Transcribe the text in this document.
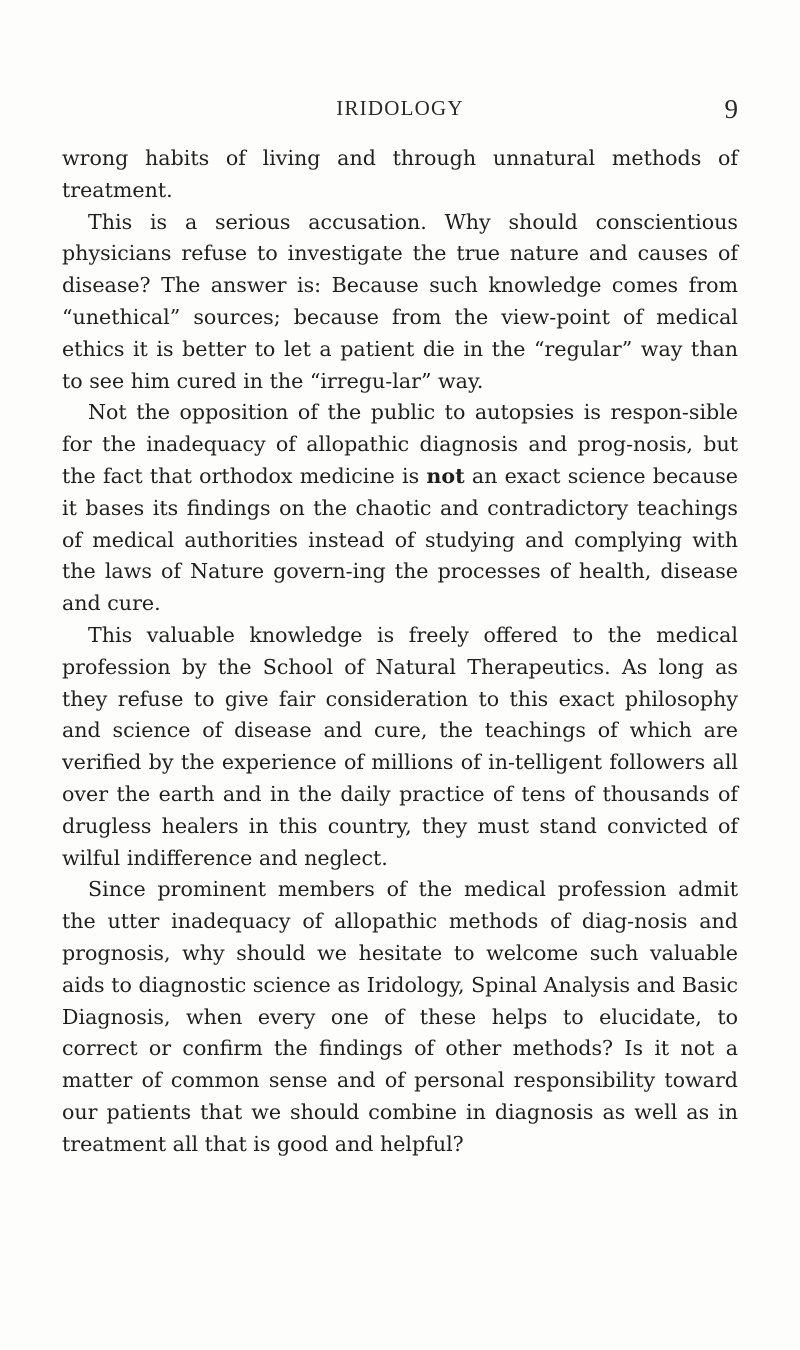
IRIDOLOGY	9

wrong habits of living and through unnatural methods of treatment.

This is a serious accusation. Why should conscientious physicians refuse to investigate the true nature and causes of disease? The answer is: Because such knowledge comes from “unethical” sources; because from the view-point of medical ethics it is better to let a patient die in the “regular” way than to see him cured in the “irregu-lar” way.

Not the opposition of the public to autopsies is respon-sible for the inadequacy of allopathic diagnosis and prog-nosis, but the fact that orthodox medicine is not an exact science because it bases its findings on the chaotic and contradictory teachings of medical authorities instead of studying and complying with the laws of Nature govern-ing the processes of health, disease and cure.

This valuable knowledge is freely offered to the medical profession by the School of Natural Therapeutics. As long as they refuse to give fair consideration to this exact philosophy and science of disease and cure, the teachings of which are verified by the experience of millions of in-telligent followers all over the earth and in the daily practice of tens of thousands of drugless healers in this country, they must stand convicted of wilful indifference and neglect.

Since prominent members of the medical profession admit the utter inadequacy of allopathic methods of diag-nosis and prognosis, why should we hesitate to welcome such valuable aids to diagnostic science as Iridology, Spinal Analysis and Basic Diagnosis, when every one of these helps to elucidate, to correct or confirm the findings of other methods? Is it not a matter of common sense and of personal responsibility toward our patients that we should combine in diagnosis as well as in treatment all that is good and helpful?
